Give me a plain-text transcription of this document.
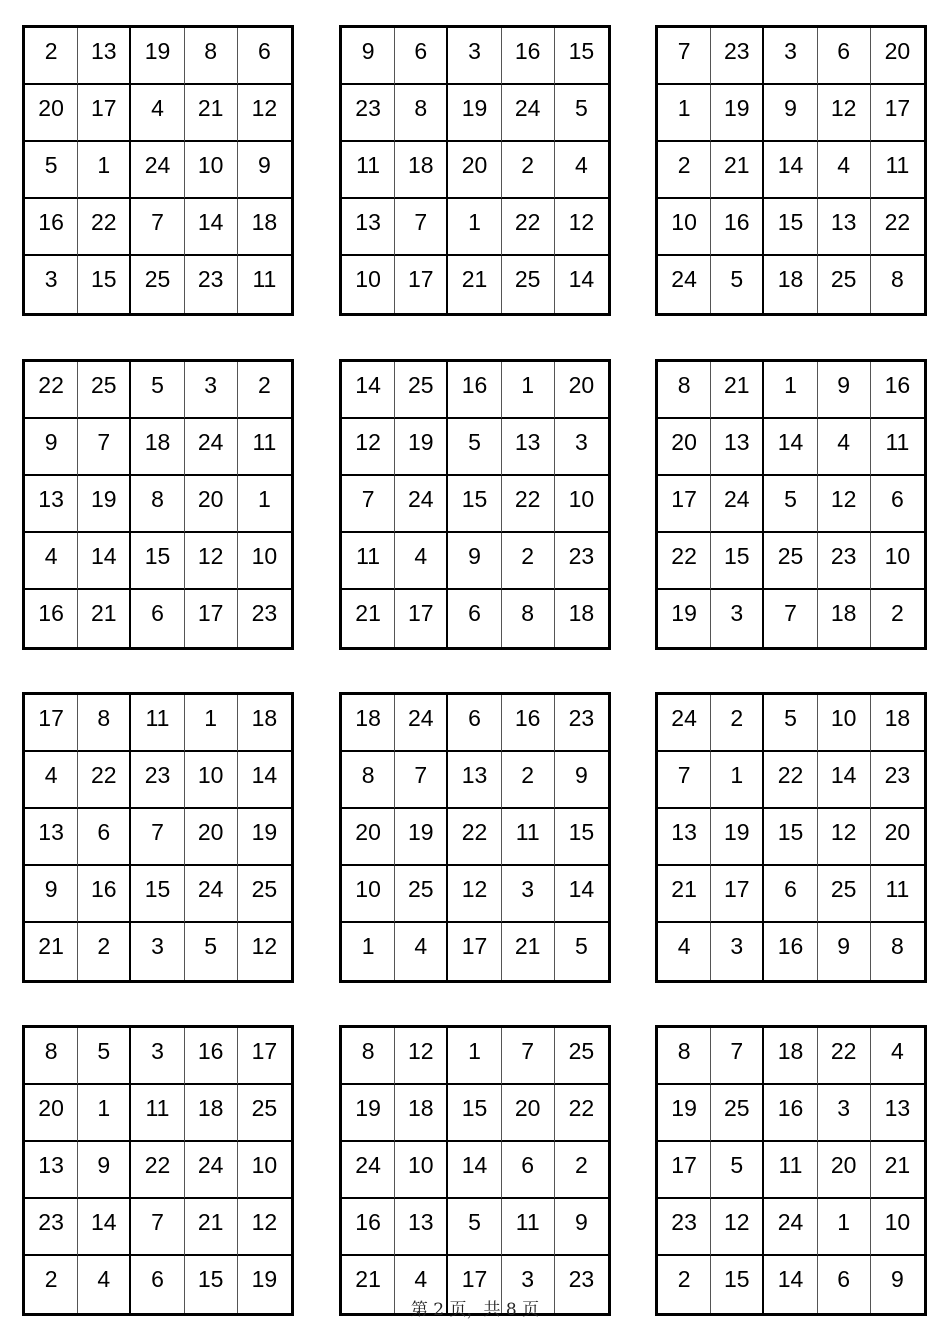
2	13	19	8	6
20	17	4	21	12
5	1	24	10	9
16	22	7	14	18
3	15	25	23	11
9	6	3	16	15
23	8	19	24	5
11	18	20	2	4
13	7	1	22	12
10	17	21	25	14
7	23	3	6	20
1	19	9	12	17
2	21	14	4	11
10	16	15	13	22
24	5	18	25	8
22	25	5	3	2
9	7	18	24	11
13	19	8	20	1
4	14	15	12	10
16	21	6	17	23
14	25	16	1	20
12	19	5	13	3
7	24	15	22	10
11	4	9	2	23
21	17	6	8	18
8	21	1	9	16
20	13	14	4	11
17	24	5	12	6
22	15	25	23	10
19	3	7	18	2
17	8	11	1	18
4	22	23	10	14
13	6	7	20	19
9	16	15	24	25
21	2	3	5	12
18	24	6	16	23
8	7	13	2	9
20	19	22	11	15
10	25	12	3	14
1	4	17	21	5
24	2	5	10	18
7	1	22	14	23
13	19	15	12	20
21	17	6	25	11
4	3	16	9	8
8	5	3	16	17
20	1	11	18	25
13	9	22	24	10
23	14	7	21	12
2	4	6	15	19
8	12	1	7	25
19	18	15	20	22
24	10	14	6	2
16	13	5	11	9
21	4	17	3	23
8	7	18	22	4
19	25	16	3	13
17	5	11	20	21
23	12	24	1	10
2	15	14	6	9
第 2 页，共 8 页
